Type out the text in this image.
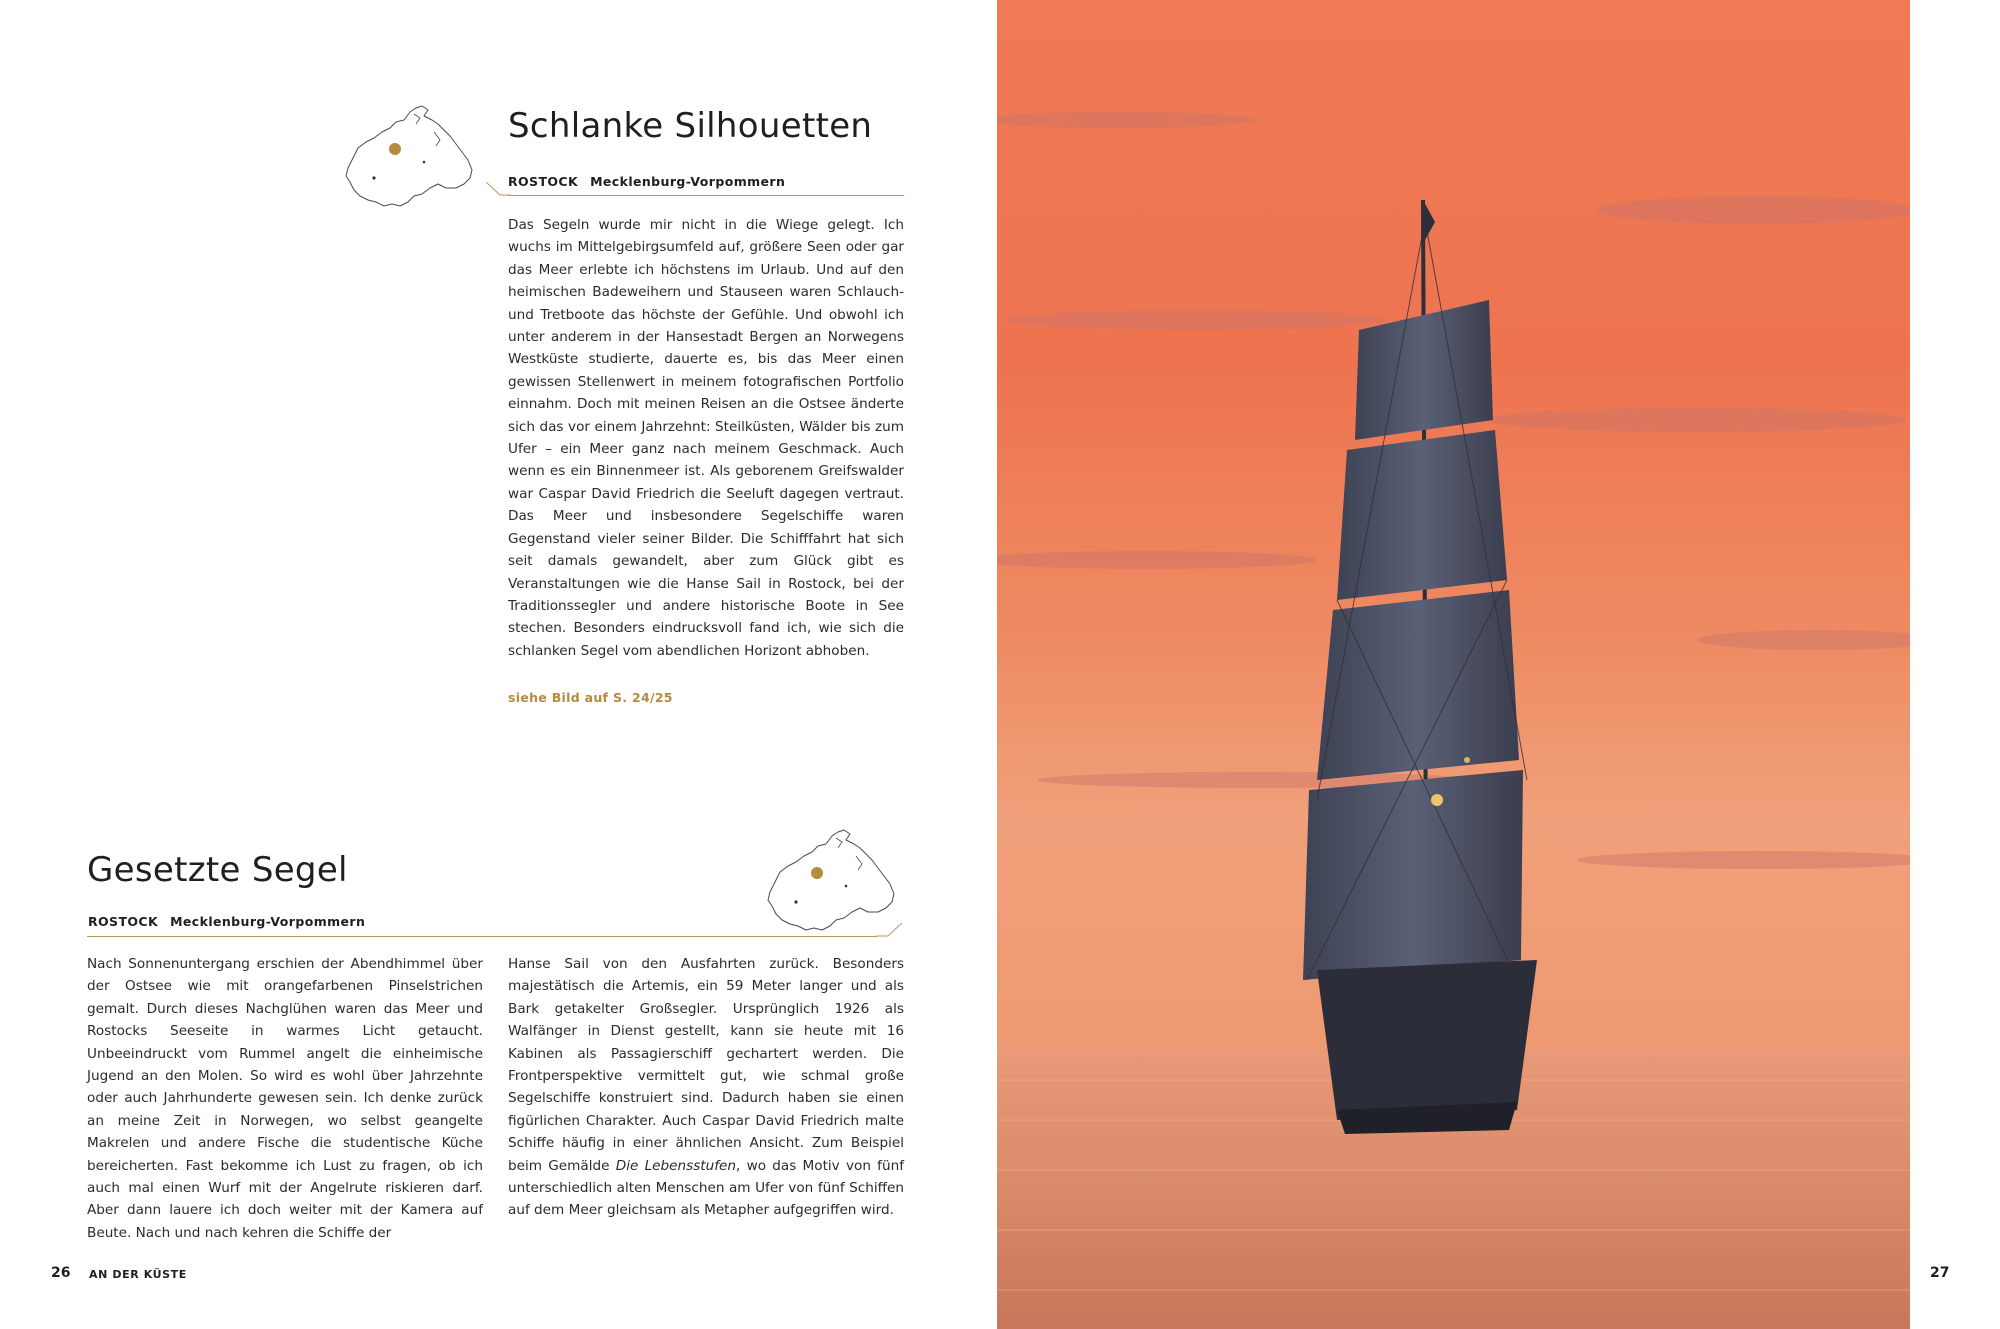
Schlanke Silhouetten
ROSTOCK Mecklenburg-Vorpommern

Das Segeln wurde mir nicht in die Wiege gelegt. Ich wuchs im Mittelgebirgsumfeld auf, größere Seen oder gar das Meer erlebte ich höchstens im Urlaub. Und auf den heimischen Badeweihern und Stauseen waren Schlauch- und Tretboote das höchste der Gefühle. Und obwohl ich unter anderem in der Hansestadt Bergen an Norwegens Westküste studierte, dauerte es, bis das Meer einen gewissen Stellenwert in meinem fotografischen Portfolio einnahm. Doch mit meinen Reisen an die Ostsee änderte sich das vor einem Jahrzehnt: Steilküsten, Wälder bis zum Ufer – ein Meer ganz nach meinem Geschmack. Auch wenn es ein Binnenmeer ist. Als geborenem Greifswalder war Caspar David Friedrich die Seeluft dagegen vertraut. Das Meer und insbesondere Segelschiffe waren Gegenstand vieler seiner Bilder. Die Schifffahrt hat sich seit damals gewandelt, aber zum Glück gibt es Veranstaltungen wie die Hanse Sail in Rostock, bei der Traditionssegler und andere historische Boote in See stechen. Besonders eindrucksvoll fand ich, wie sich die schlanken Segel vom abendlichen Horizont abhoben.

siehe Bild auf S. 24/25
Gesetzte Segel
ROSTOCK Mecklenburg-Vorpommern

Nach Sonnenuntergang erschien der Abendhimmel über der Ostsee wie mit orangefarbenen Pinselstrichen gemalt. Durch dieses Nachglühen waren das Meer und Rostocks Seeseite in warmes Licht getaucht. Unbeeindruckt vom Rummel angelt die einheimische Jugend an den Molen. So wird es wohl über Jahrzehnte oder auch Jahrhunderte gewesen sein. Ich denke zurück an meine Zeit in Norwegen, wo selbst geangelte Makrelen und andere Fische die studentische Küche bereicherten. Fast bekomme ich Lust zu fragen, ob ich auch mal einen Wurf mit der Angelrute riskieren darf. Aber dann lauere ich doch weiter mit der Kamera auf Beute. Nach und nach kehren die Schiffe der

Hanse Sail von den Ausfahrten zurück. Besonders majestätisch die Artemis, ein 59 Meter langer und als Bark getakelter Großsegler. Ursprünglich 1926 als Walfänger in Dienst gestellt, kann sie heute mit 16 Kabinen als Passagierschiff gechartert werden. Die Frontperspektive vermittelt gut, wie schmal große Segelschiffe konstruiert sind. Dadurch haben sie einen figürlichen Charakter. Auch Caspar David Friedrich malte Schiffe häufig in einer ähnlichen Ansicht. Zum Beispiel beim Gemälde Die Lebensstufen, wo das Motiv von fünf unterschiedlich alten Menschen am Ufer von fünf Schiffen auf dem Meer gleichsam als Metapher aufgegriffen wird.

26 AN DER KÜSTE	27
